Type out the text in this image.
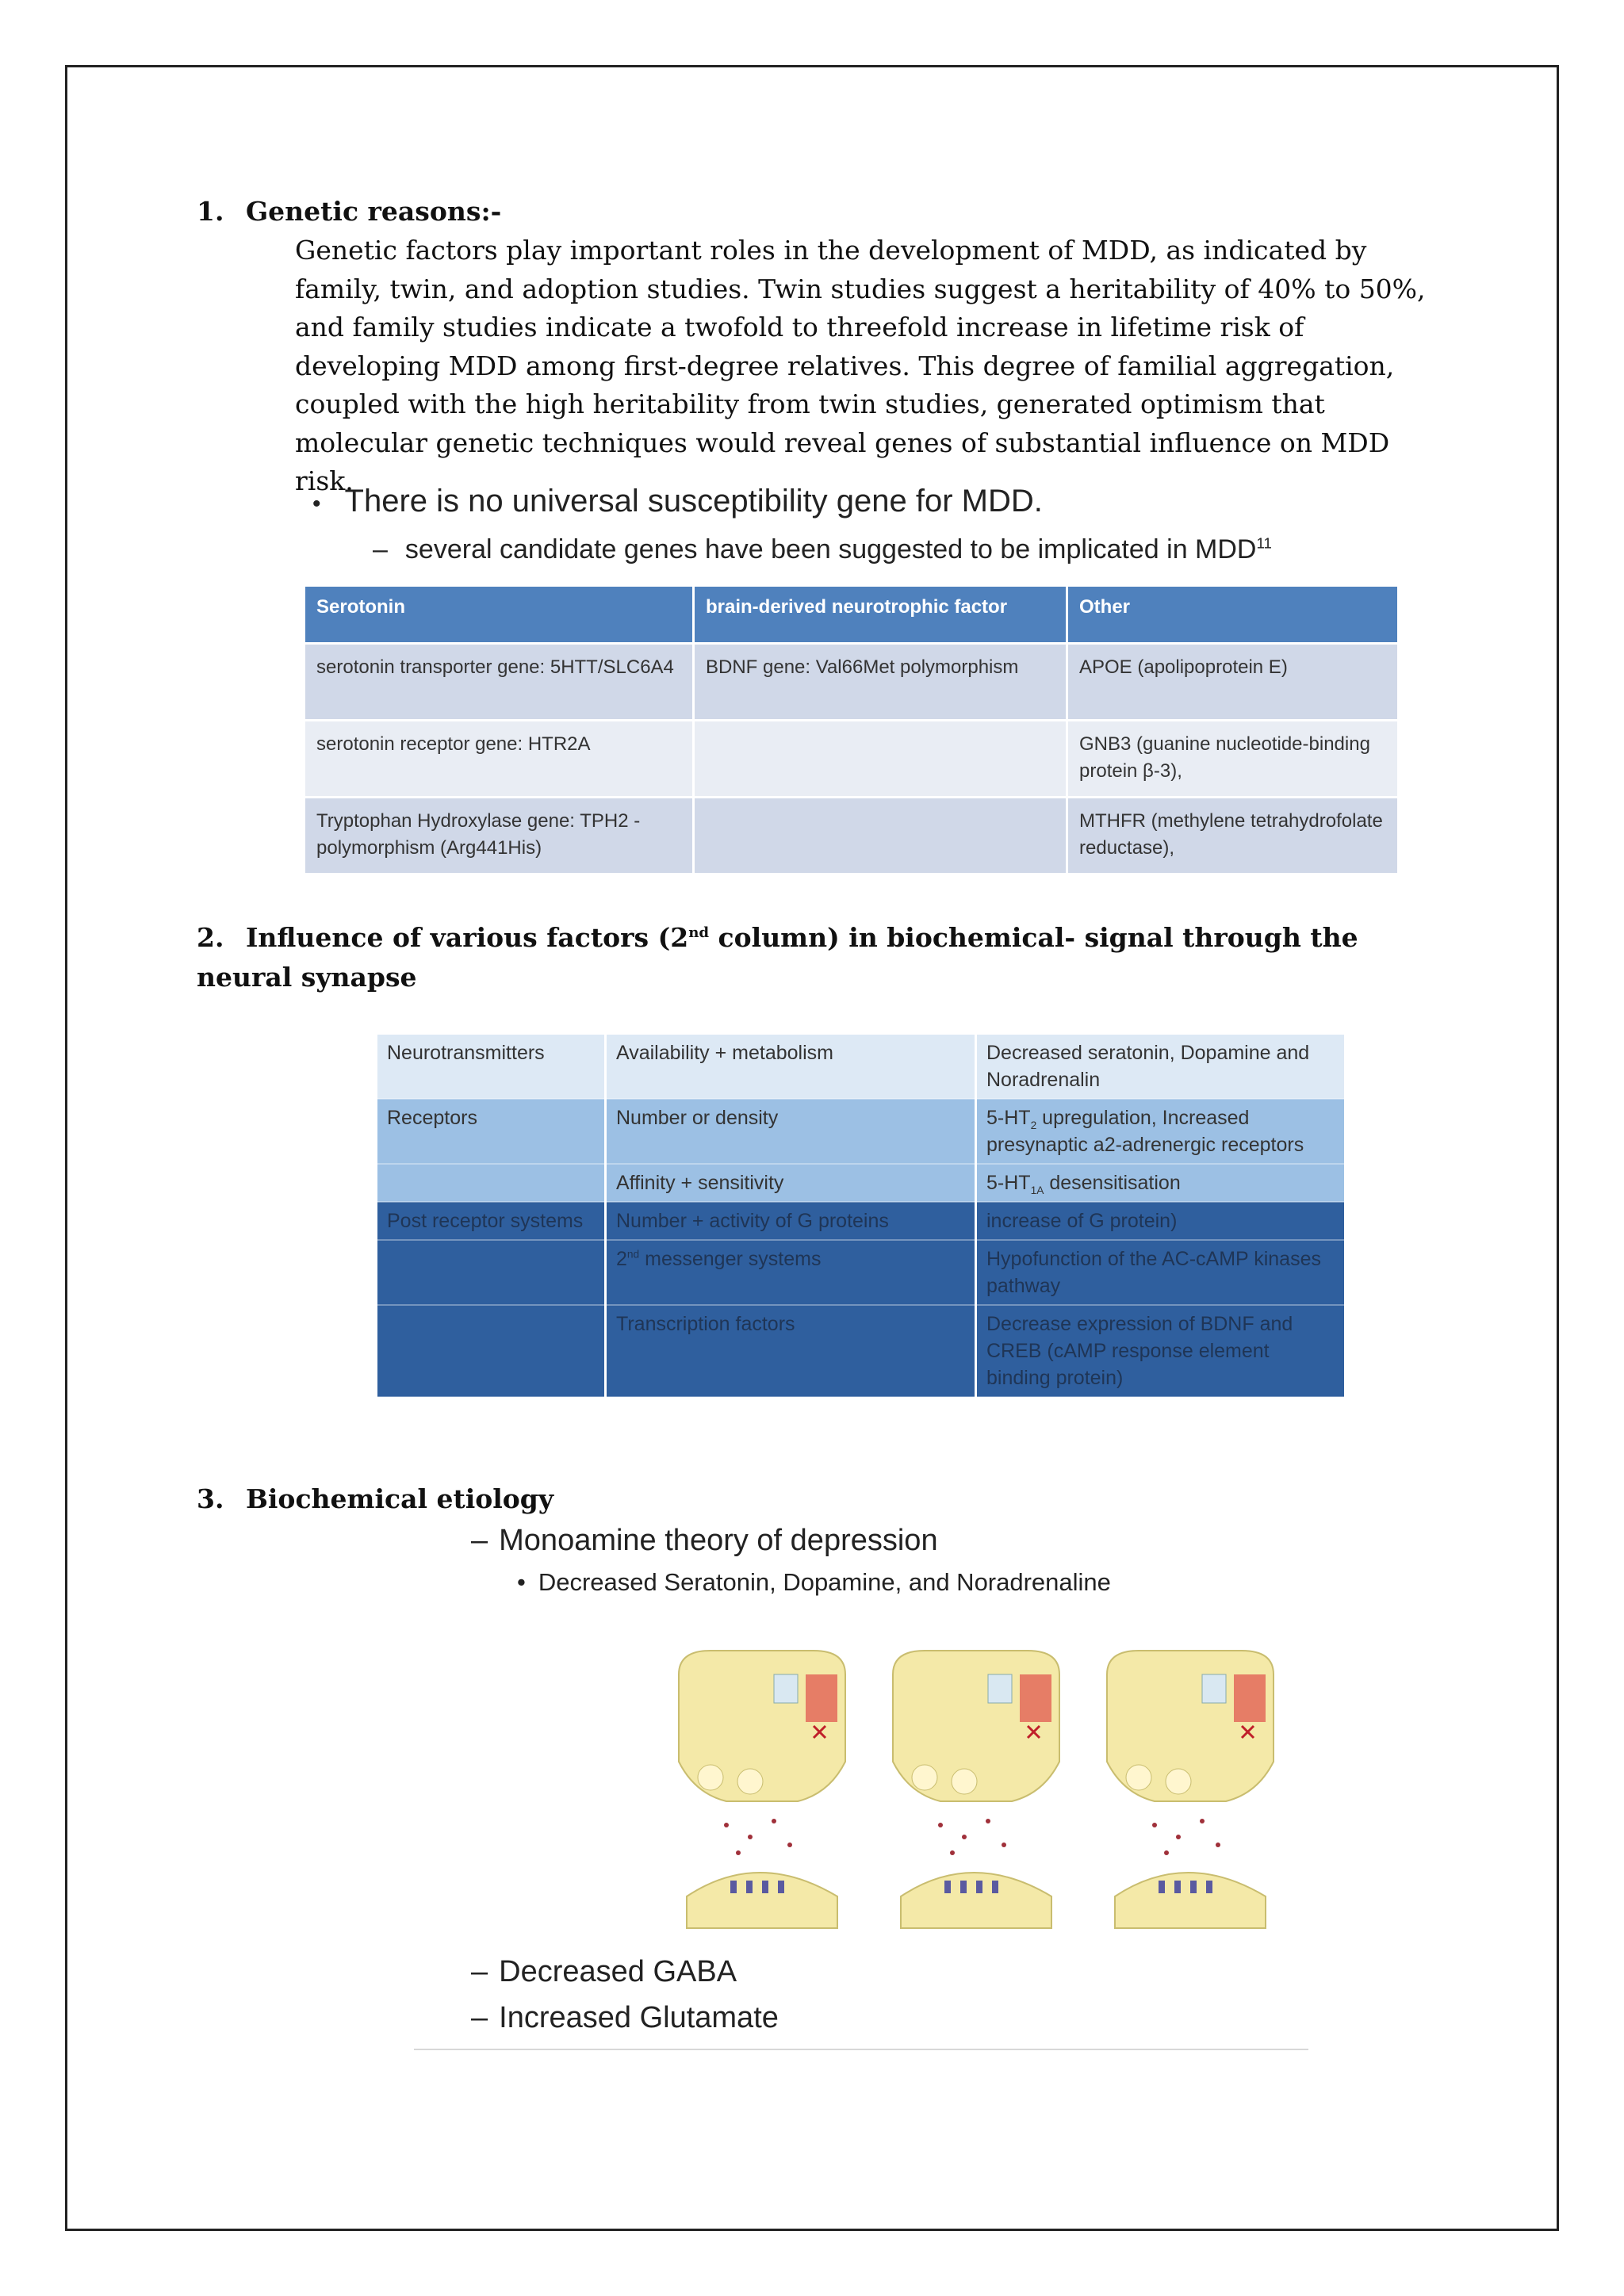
1. Genetic reasons:-
Genetic factors play important roles in the development of MDD, as indicated by family, twin, and adoption studies. Twin studies suggest a heritability of 40% to 50%, and family studies indicate a twofold to threefold increase in lifetime risk of developing MDD among first-degree relatives. This degree of familial aggregation, coupled with the high heritability from twin studies, generated optimism that molecular genetic techniques would reveal genes of substantial influence on MDD risk.
• There is no universal susceptibility gene for MDD.
– several candidate genes have been suggested to be implicated in MDD$^{11}$
Serotonin	brain-derived neurotrophic factor	Other
serotonin transporter gene: 5HTT/SLC6A4	BDNF gene: Val66Met polymorphism	APOE (apolipoprotein E)
serotonin receptor gene: HTR2A		GNB3 (guanine nucleotide-binding protein β-3),
Tryptophan Hydroxylase gene: TPH2 -polymorphism (Arg441His)		MTHFR (methylene tetrahydrofolate reductase),
2. Influence of various factors (2nd column) in biochemical- signal through the neural synapse
Neurotransmitters	Availability + metabolism	Decreased seratonin, Dopamine and Noradrenalin
Receptors	Number or density	$5-HT_2$ upregulation, Increased presynaptic a2-adrenergic receptors
	Affinity + sensitivity	$5-HT_{1A}$ desensitisation
Post receptor systems	Number + activity of G proteins	increase of G protein)
	2nd messenger systems	Hypofunction of the AC-cAMP kinases pathway
	Transcription factors	Decrease expression of BDNF and CREB (cAMP response element binding protein)
3. Biochemical etiology
– Monoamine theory of depression
• Decreased Seratonin, Dopamine, and Noradrenaline
– Decreased GABA
– Increased Glutamate
